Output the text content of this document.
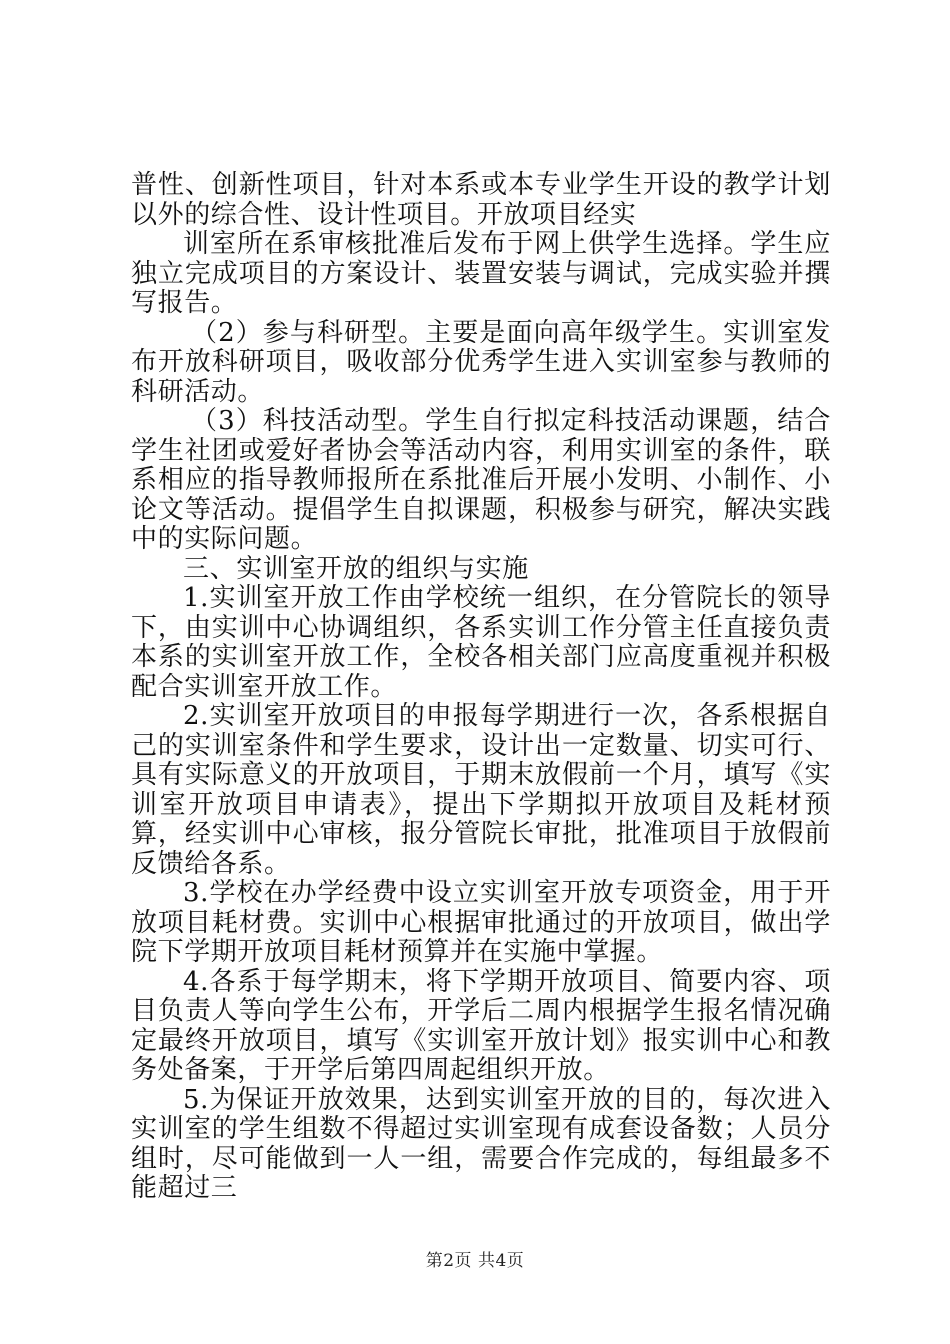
普性、创新性项目，针对本系或本专业学生开设的教学计划以外的综合性、设计性项目。开放项目经实

训室所在系审核批准后发布于网上供学生选择。学生应独立完成项目的方案设计、装置安装与调试，完成实验并撰写报告。

（2）参与科研型。主要是面向高年级学生。实训室发布开放科研项目，吸收部分优秀学生进入实训室参与教师的科研活动。

（3）科技活动型。学生自行拟定科技活动课题，结合学生社团或爱好者协会等活动内容，利用实训室的条件，联系相应的指导教师报所在系批准后开展小发明、小制作、小论文等活动。提倡学生自拟课题，积极参与研究，解决实践中的实际问题。

三、实训室开放的组织与实施

1.实训室开放工作由学校统一组织，在分管院长的领导下，由实训中心协调组织，各系实训工作分管主任直接负责本系的实训室开放工作，全校各相关部门应高度重视并积极配合实训室开放工作。

2.实训室开放项目的申报每学期进行一次，各系根据自己的实训室条件和学生要求，设计出一定数量、切实可行、具有实际意义的开放项目，于期末放假前一个月，填写《实训室开放项目申请表》，提出下学期拟开放项目及耗材预算，经实训中心审核，报分管院长审批，批准项目于放假前反馈给各系。

3.学校在办学经费中设立实训室开放专项资金，用于开放项目耗材费。实训中心根据审批通过的开放项目，做出学院下学期开放项目耗材预算并在实施中掌握。

4.各系于每学期末，将下学期开放项目、简要内容、项目负责人等向学生公布，开学后二周内根据学生报名情况确定最终开放项目，填写《实训室开放计划》报实训中心和教务处备案，于开学后第四周起组织开放。

5.为保证开放效果，达到实训室开放的目的，每次进入实训室的学生组数不得超过实训室现有成套设备数；人员分组时，尽可能做到一人一组，需要合作完成的，每组最多不能超过三

第2页 共4页
